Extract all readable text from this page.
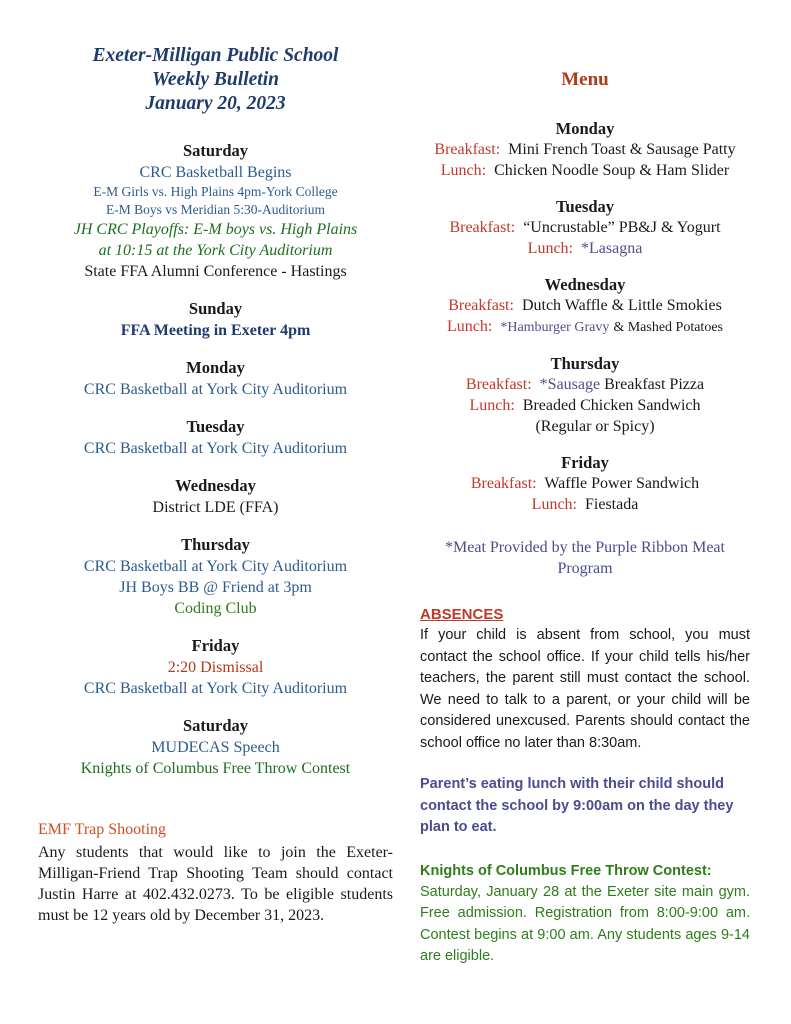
Exeter-Milligan Public School
Weekly Bulletin
January 20, 2023
Saturday
CRC Basketball Begins
E-M Girls vs. High Plains 4pm-York College
E-M Boys vs Meridian 5:30-Auditorium
JH CRC Playoffs: E-M boys vs. High Plains
at 10:15 at the York City Auditorium
State FFA Alumni Conference - Hastings
Sunday
FFA Meeting in Exeter 4pm
Monday
CRC Basketball at York City Auditorium
Tuesday
CRC Basketball at York City Auditorium
Wednesday
District LDE (FFA)
Thursday
CRC Basketball at York City Auditorium
JH Boys BB @ Friend at 3pm
Coding Club
Friday
2:20 Dismissal
CRC Basketball at York City Auditorium
Saturday
MUDECAS Speech
Knights of Columbus Free Throw Contest
EMF Trap Shooting
Any students that would like to join the Exeter-Milligan-Friend Trap Shooting Team should contact Justin Harre at 402.432.0273. To be eligible students must be 12 years old by December 31, 2023.
Menu
Monday
Breakfast: Mini French Toast & Sausage Patty
Lunch: Chicken Noodle Soup & Ham Slider
Tuesday
Breakfast: “Uncrustable” PB&J & Yogurt
Lunch: *Lasagna
Wednesday
Breakfast: Dutch Waffle & Little Smokies
Lunch: *Hamburger Gravy & Mashed Potatoes
Thursday
Breakfast: *Sausage Breakfast Pizza
Lunch: Breaded Chicken Sandwich
(Regular or Spicy)
Friday
Breakfast: Waffle Power Sandwich
Lunch: Fiestada
*Meat Provided by the Purple Ribbon Meat Program
ABSENCES
If your child is absent from school, you must contact the school office. If your child tells his/her teachers, the parent still must contact the school. We need to talk to a parent, or your child will be considered unexcused. Parents should contact the school office no later than 8:30am.
Parent’s eating lunch with their child should contact the school by 9:00am on the day they plan to eat.
Knights of Columbus Free Throw Contest:
Saturday, January 28 at the Exeter site main gym. Free admission. Registration from 8:00-9:00 am. Contest begins at 9:00 am. Any students ages 9-14 are eligible.
